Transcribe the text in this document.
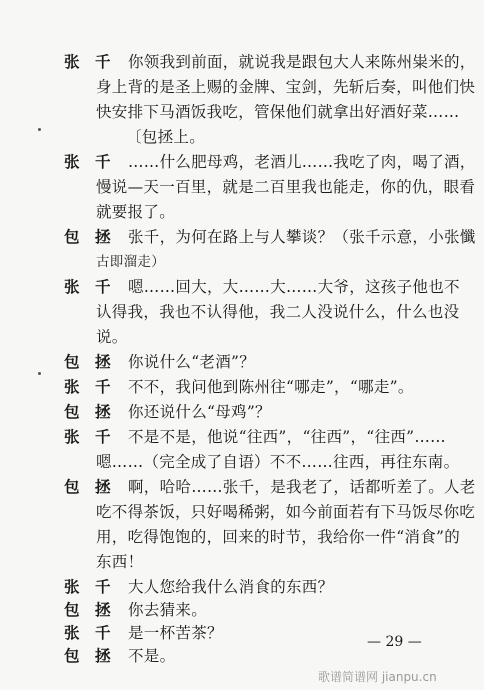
张　千 你领我到前面，就说我是跟包大人来陈州粜米的，
身上背的是圣上赐的金牌、宝剑，先斩后奏，叫他们快
快安排下马酒饭我吃，管保他们就拿出好酒好菜……
〔包拯上。
张　千 ……什么肥母鸡，老酒儿……我吃了肉，喝了酒，
慢说—天一百里，就是二百里我也能走，你的仇，眼看
就要报了。
包　拯 张千，为何在路上与人攀谈？（张千示意，小张懺
古即溜走）
张　千 嗯……回大，大……大……大爷，这孩子他也不
认得我，我也不认得他，我二人没说什么，什么也没
说。
包　拯 你说什么“老酒”？
张　千 不不，我问他到陈州往“哪走”，“哪走”。
包　拯 你还说什么“母鸡”？
张　千 不是不是，他说“往西”，“往西”，“往西”……
嗯……（完全成了自语）不不……往西，再往东南。
包　拯 啊，哈哈……张千，是我老了，话都听差了。人老
吃不得茶饭，只好喝稀粥，如今前面若有下马饭尽你吃
用，吃得饱饱的，回来的时节，我给你一件“消食”的
东西！
张　千 大人您给我什么消食的东西？
包　拯 你去猜来。
张　千 是一杯苦茶？
包　拯 不是。
— 29 —
歌谱简谱网 jianpu.cn
